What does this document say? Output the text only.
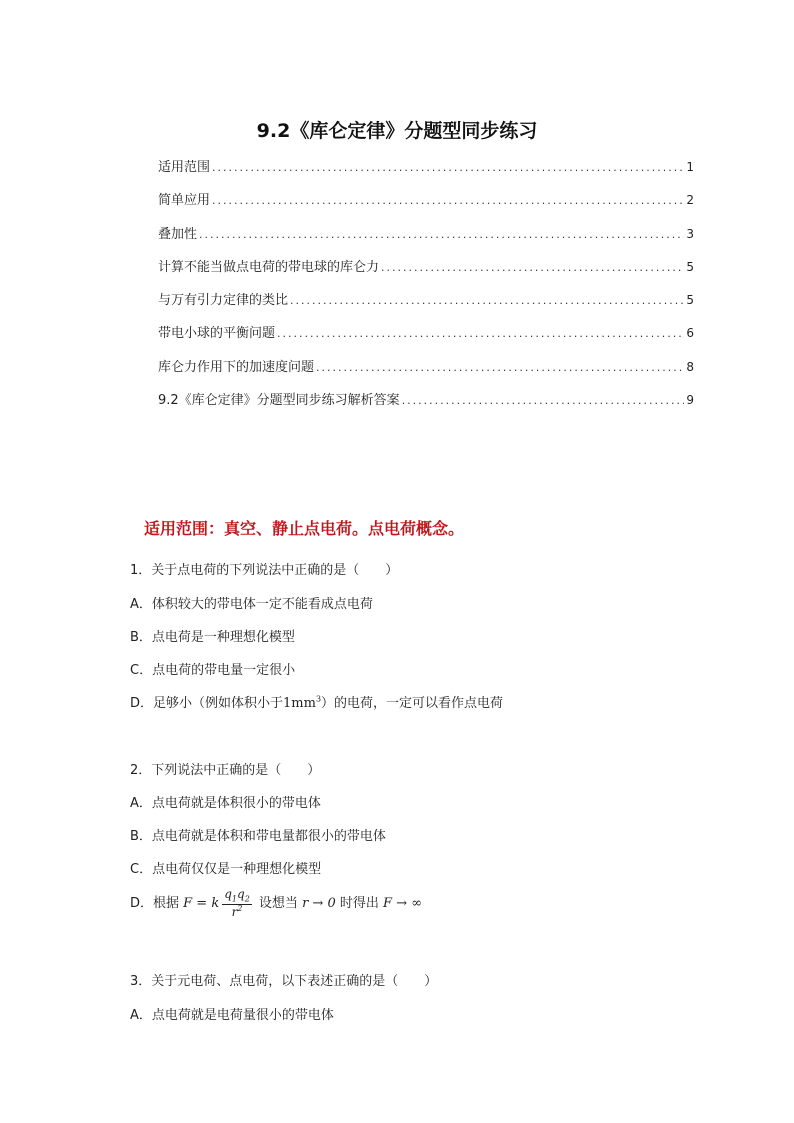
9.2《库仑定律》分题型同步练习
适用范围 .....	1
简单应用 .....	2
叠加性 .....	3
计算不能当做点电荷的带电球的库仑力 .....	5
与万有引力定律的类比 .....	5
带电小球的平衡问题 .....	6
库仑力作用下的加速度问题 .....	8
9.2《库仑定律》分题型同步练习解析答案 .....	9
适用范围：真空、静止点电荷。点电荷概念。
1．关于点电荷的下列说法中正确的是（　　）
A．体积较大的带电体一定不能看成点电荷
B．点电荷是一种理想化模型
C．点电荷的带电量一定很小
D．足够小（例如体积小于$1mm^3$）的电荷，一定可以看作点电荷
2．下列说法中正确的是（　　）
A．点电荷就是体积很小的带电体
B．点电荷就是体积和带电量都很小的带电体
C．点电荷仅仅是一种理想化模型
D．根据 F = k $\frac{q_1q_2}{r^2}$ 设想当 r → 0 时得出 F → ∞
3．关于元电荷、点电荷，以下表述正确的是（　　）
A．点电荷就是电荷量很小的带电体
